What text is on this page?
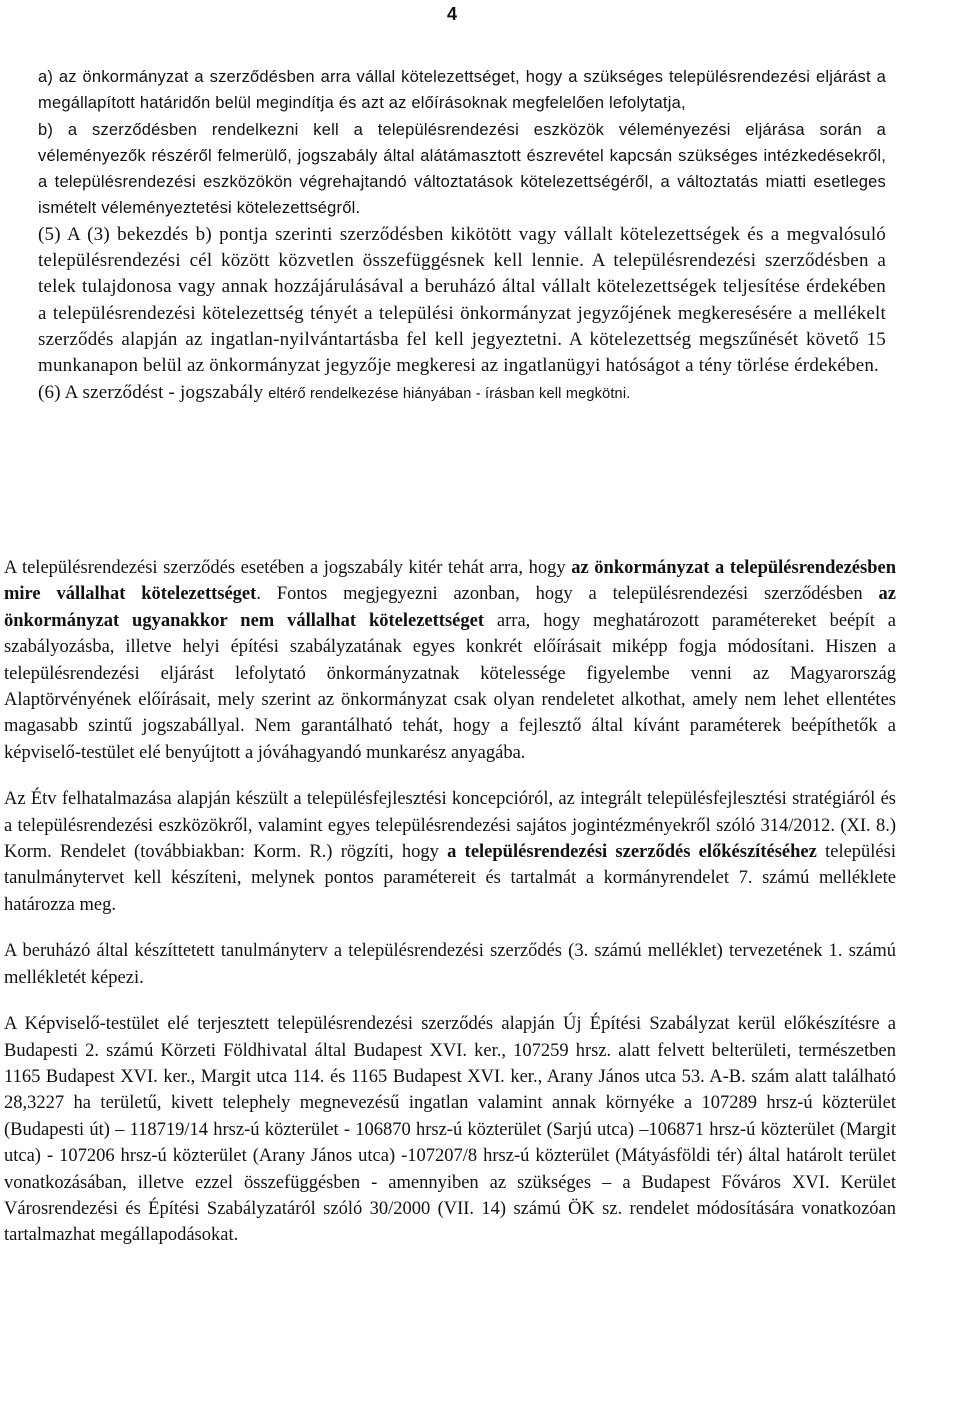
4

a) az önkormányzat a szerződésben arra vállal kötelezettséget, hogy a szükséges településrendezési eljárást a megállapított határidőn belül megindítja és azt az előírásoknak megfelelően lefolytatja,

b) a szerződésben rendelkezni kell a településrendezési eszközök véleményezési eljárása során a véleményezők részéről felmerülő, jogszabály által alátámasztott észrevétel kapcsán szükséges intézkedésekről, a településrendezési eszközökön végrehajtandó változtatások kötelezettségéről, a változtatás miatti esetleges ismételt véleményeztetési kötelezettségről.

(5) A (3) bekezdés b) pontja szerinti szerződésben kikötött vagy vállalt kötelezettségek és a megvalósuló településrendezési cél között közvetlen összefüggésnek kell lennie. A településrendezési szerződésben a telek tulajdonosa vagy annak hozzájárulásával a beruházó által vállalt kötelezettségek teljesítése érdekében a településrendezési kötelezettség tényét a települési önkormányzat jegyzőjének megkeresésére a mellékelt szerződés alapján az ingatlan-nyilvántartásba fel kell jegyeztetni. A kötelezettség megszűnését követő 15 munkanapon belül az önkormányzat jegyzője megkeresi az ingatlanügyi hatóságot a tény törlése érdekében.

(6) A szerződést - jogszabály eltérő rendelkezése hiányában - írásban kell megkötni.

A településrendezési szerződés esetében a jogszabály kitér tehát arra, hogy az önkormányzat a településrendezésben mire vállalhat kötelezettséget. Fontos megjegyezni azonban, hogy a településrendezési szerződésben az önkormányzat ugyanakkor nem vállalhat kötelezettséget arra, hogy meghatározott paramétereket beépít a szabályozásba, illetve helyi építési szabályzatának egyes konkrét előírásait miképp fogja módosítani. Hiszen a településrendezési eljárást lefolytató önkormányzatnak kötelessége figyelembe venni az Magyarország Alaptörvényének előírásait, mely szerint az önkormányzat csak olyan rendeletet alkothat, amely nem lehet ellentétes magasabb szintű jogszabállyal. Nem garantálható tehát, hogy a fejlesztő által kívánt paraméterek beépíthetők a képviselő-testület elé benyújtott a jóváhagyandó munkarész anyagába.

Az Étv felhatalmazása alapján készült a településfejlesztési koncepcióról, az integrált településfejlesztési stratégiáról és a településrendezési eszközökről, valamint egyes településrendezési sajátos jogintézményekről szóló 314/2012. (XI. 8.) Korm. Rendelet (továbbiakban: Korm. R.) rögzíti, hogy a településrendezési szerződés előkészítéséhez települési tanulmánytervet kell készíteni, melynek pontos paramétereit és tartalmát a kormányrendelet 7. számú melléklete határozza meg.

A beruházó által készíttetett tanulmányterv a településrendezési szerződés (3. számú melléklet) tervezetének 1. számú mellékletét képezi.

A Képviselő-testület elé terjesztett településrendezési szerződés alapján Új Építési Szabályzat kerül előkészítésre a Budapesti 2. számú Körzeti Földhivatal által Budapest XVI. ker., 107259 hrsz. alatt felvett belterületi, természetben 1165 Budapest XVI. ker., Margit utca 114. és 1165 Budapest XVI. ker., Arany János utca 53. A-B. szám alatt található 28,3227 ha területű, kivett telephely megnevezésű ingatlan valamint annak környéke a 107289 hrsz-ú közterület (Budapesti út) – 118719/14 hrsz-ú közterület - 106870 hrsz-ú közterület (Sarjú utca) –106871 hrsz-ú közterület (Margit utca) - 107206 hrsz-ú közterület (Arany János utca) -107207/8 hrsz-ú közterület (Mátyásföldi tér) által határolt terület vonatkozásában, illetve ezzel összefüggésben - amennyiben az szükséges – a Budapest Főváros XVI. Kerület Városrendezési és Építési Szabályzatáról szóló 30/2000 (VII. 14) számú ÖK sz. rendelet módosítására vonatkozóan tartalmazhat megállapodásokat.
